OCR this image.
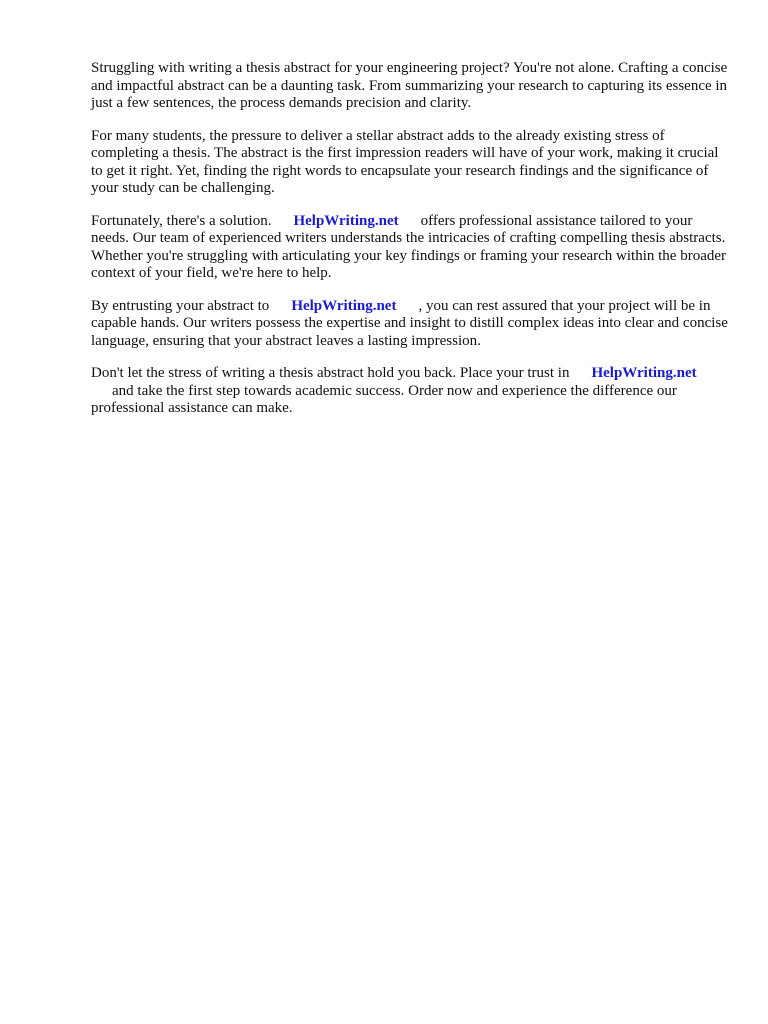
Struggling with writing a thesis abstract for your engineering project? You're not alone. Crafting a concise and impactful abstract can be a daunting task. From summarizing your research to capturing its essence in just a few sentences, the process demands precision and clarity.

For many students, the pressure to deliver a stellar abstract adds to the already existing stress of completing a thesis. The abstract is the first impression readers will have of your work, making it crucial to get it right. Yet, finding the right words to encapsulate your research findings and the significance of your study can be challenging.

Fortunately, there's a solution. HelpWriting.net offers professional assistance tailored to your needs. Our team of experienced writers understands the intricacies of crafting compelling thesis abstracts. Whether you're struggling with articulating your key findings or framing your research within the broader context of your field, we're here to help.

By entrusting your abstract to HelpWriting.net , you can rest assured that your project will be in capable hands. Our writers possess the expertise and insight to distill complex ideas into clear and concise language, ensuring that your abstract leaves a lasting impression.

Don't let the stress of writing a thesis abstract hold you back. Place your trust in HelpWriting.net
and take the first step towards academic success. Order now and experience the difference our professional assistance can make.
